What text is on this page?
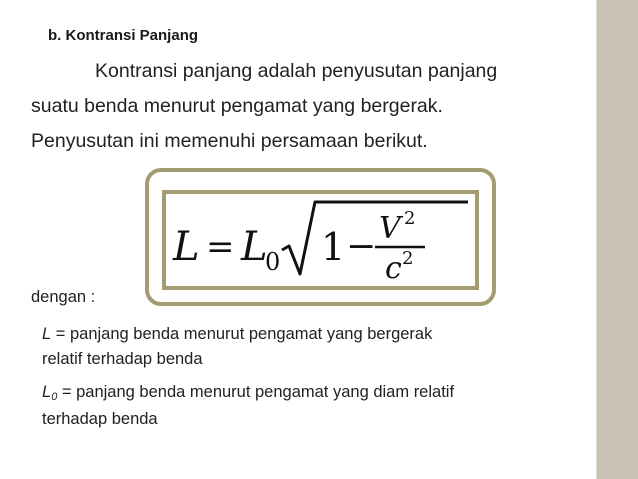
b. Kontransi Panjang
Kontransi panjang adalah penyusutan panjang
suatu benda menurut pengamat yang bergerak.
Penyusutan ini memenuhi persamaan berikut.
L = L
0 1 − V 2
c 2
dengan :
L = panjang benda menurut pengamat yang bergerak
relatif terhadap benda
$L_0$ = panjang benda menurut pengamat yang diam relatif
terhadap benda
